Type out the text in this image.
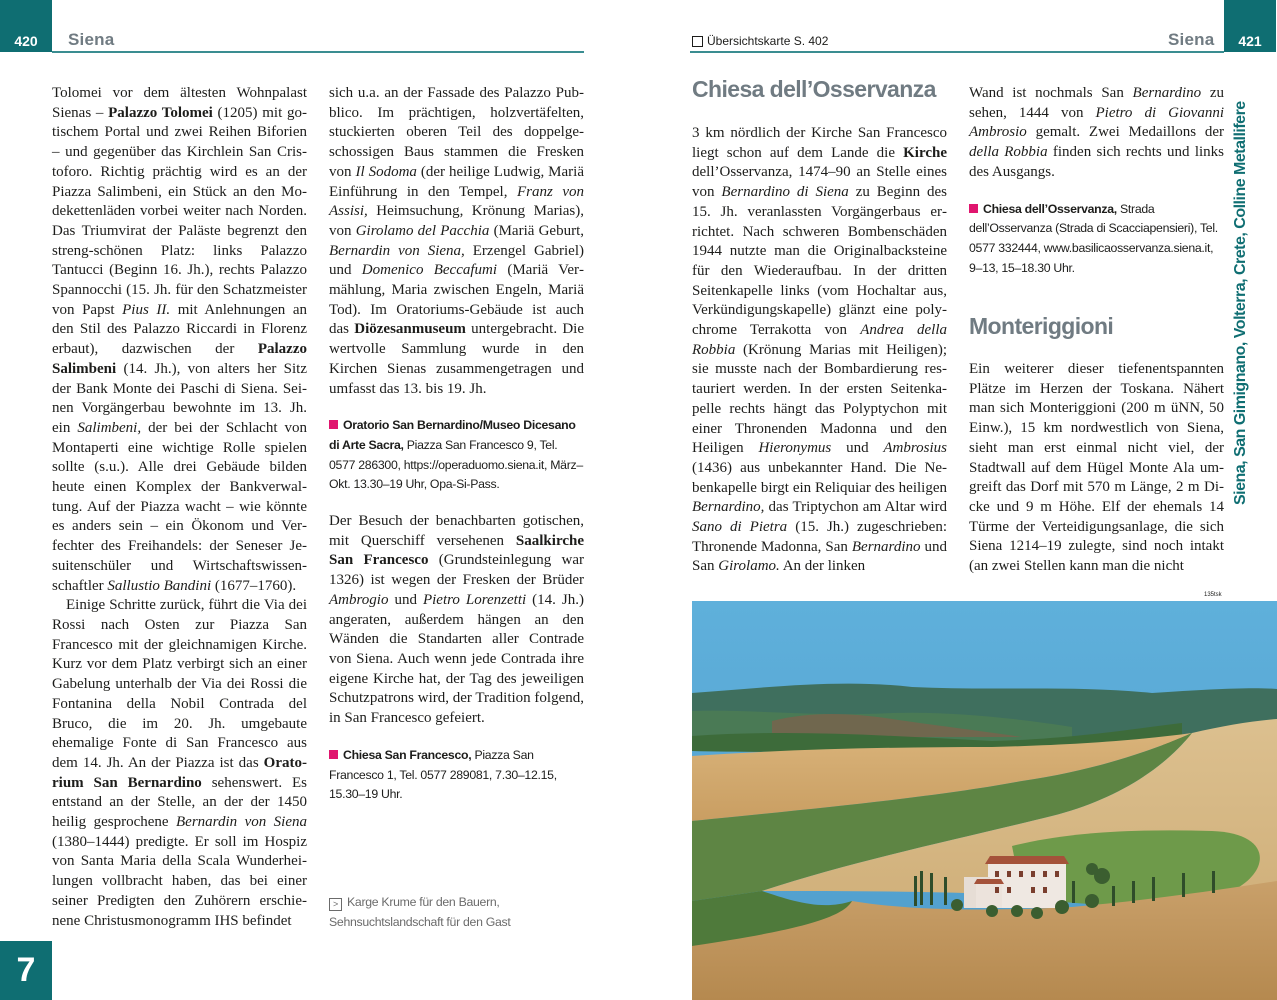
420 Siena

Tolomei vor dem ältesten Wohnpalast Sienas – Palazzo Tolomei (1205) mit gotischem Portal und zwei Reihen Biforien – und gegenüber das Kirchlein San Cristoforo. Richtig prächtig wird es an der Piazza Salimbeni, ein Stück an den Modekettenläden vorbei weiter nach Norden. Das Triumvirat der Paläste begrenzt den streng-schönen Platz: links Palazzo Tantucci (Beginn 16. Jh.), rechts Palazzo Spannocchi (15. Jh. für den Schatzmeister von Papst Pius II. mit Anlehnungen an den Stil des Palazzo Riccardi in Florenz erbaut), dazwischen der Palazzo Salimbeni (14. Jh.), von alters her Sitz der Bank Monte dei Paschi di Siena. Seinen Vorgängerbau bewohnte im 13. Jh. ein Salimbeni, der bei der Schlacht von Montaperti eine wichtige Rolle spielen sollte (s.u.). Alle drei Gebäude bilden heute einen Komplex der Bankverwaltung. Auf der Piazza wacht – wie könnte es anders sein – ein Ökonom und Verfechter des Freihandels: der Seneser Jesuitenschüler und Wirtschaftswissenschaftler Sallustio Bandini (1677–1760).

Einige Schritte zurück, führt die Via dei Rossi nach Osten zur Piazza San Francesco mit der gleichnamigen Kirche. Kurz vor dem Platz verbirgt sich an einer Gabelung unterhalb der Via dei Rossi die Fontanina della Nobil Contrada del Bruco, die im 20. Jh. umgebaute ehemalige Fonte di San Francesco aus dem 14. Jh. An der Piazza ist das Oratorium San Bernardino sehenswert. Es entstand an der Stelle, an der der 1450 heilig gesprochene Bernardin von Siena (1380–1444) predigte. Er soll im Hospiz von Santa Maria della Scala Wunderheilungen vollbracht haben, das bei einer seiner Predigten den Zuhörern erschienene Christusmonogramm IHS befindet

sich u.a. an der Fassade des Palazzo Pubblico. Im prächtigen, holzvertäfelten, stuckierten oberen Teil des doppelgeschossigen Baus stammen die Fresken von Il Sodoma (der heilige Ludwig, Mariä Einführung in den Tempel, Franz von Assisi, Heimsuchung, Krönung Marias), von Girolamo del Pacchia (Mariä Geburt, Bernardin von Siena, Erzengel Gabriel) und Domenico Beccafumi (Mariä Vermählung, Maria zwischen Engeln, Mariä Tod). Im Oratoriums-Gebäude ist auch das Diözesanmuseum untergebracht. Die wertvolle Sammlung wurde in den Kirchen Sienas zusammengetragen und umfasst das 13. bis 19. Jh.

Oratorio San Bernardino/Museo Dicesano di Arte Sacra, Piazza San Francesco 9, Tel. 0577 286300, https://operaduomo.siena.it, März–Okt. 13.30–19 Uhr, Opa-Si-Pass.

Der Besuch der benachbarten gotischen, mit Querschiff versehenen Saalkirche San Francesco (Grundsteinlegung war 1326) ist wegen der Fresken der Brüder Ambrogio und Pietro Lorenzetti (14. Jh.) angeraten, außerdem hängen an den Wänden die Standarten aller Contrade von Siena. Auch wenn jede Contrada ihre eigene Kirche hat, der Tag des jeweiligen Schutzpatrons wird, der Tradition folgend, in San Francesco gefeiert.

Chiesa San Francesco, Piazza San Francesco 1, Tel. 0577 289081, 7.30–12.15, 15.30–19 Uhr.

> Karge Krume für den Bauern, Sehnsuchtslandschaft für den Gast
7
Übersichtskarte S. 402	Siena 421
Chiesa dell’Osservanza

3 km nördlich der Kirche San Francesco liegt schon auf dem Lande die Kirche dell’Osservanza, 1474–90 an Stelle eines von Bernardino di Siena zu Beginn des 15. Jh. veranlassten Vorgängerbaus errichtet. Nach schweren Bombenschäden 1944 nutzte man die Originalbacksteine für den Wiederaufbau. In der dritten Seitenkapelle links (vom Hochaltar aus, Verkündigungskapelle) glänzt eine polychrome Terrakotta von Andrea della Robbia (Krönung Marias mit Heiligen); sie musste nach der Bombardierung restauriert werden. In der ersten Seitenkapelle rechts hängt das Polyptychon mit einer Thronenden Madonna und den Heiligen Hieronymus und Ambrosius (1436) aus unbekannter Hand. Die Nebenkapelle birgt ein Reliquiar des heiligen Bernardino, das Triptychon am Altar wird Sano di Pietra (15. Jh.) zugeschrieben: Thronende Madonna, San Bernardino und San Girolamo. An der linken

Wand ist nochmals San Bernardino zu sehen, 1444 von Pietro di Giovanni Ambrosio gemalt. Zwei Medaillons der della Robbia finden sich rechts und links des Ausgangs.

Chiesa dell’Osservanza, Strada dell’Osservanza (Strada di Scacciapensieri), Tel. 0577 332444, www.basilicaosservanza.siena.it, 9–13, 15–18.30 Uhr.

Monteriggioni

Ein weiterer dieser tiefenentspannten Plätze im Herzen der Toskana. Nähert man sich Monteriggioni (200 m üNN, 50 Einw.), 15 km nordwestlich von Siena, sieht man erst einmal nicht viel, der Stadtwall auf dem Hügel Monte Ala umgreift das Dorf mit 570 m Länge, 2 m Dicke und 9 m Höhe. Elf der ehemals 14 Türme der Verteidigungsanlage, die sich Siena 1214–19 zulegte, sind noch intakt (an zwei Stellen kann man die nicht

Siena, San Gimignano, Volterra, Crete, Colline Metallifere
135tsk
